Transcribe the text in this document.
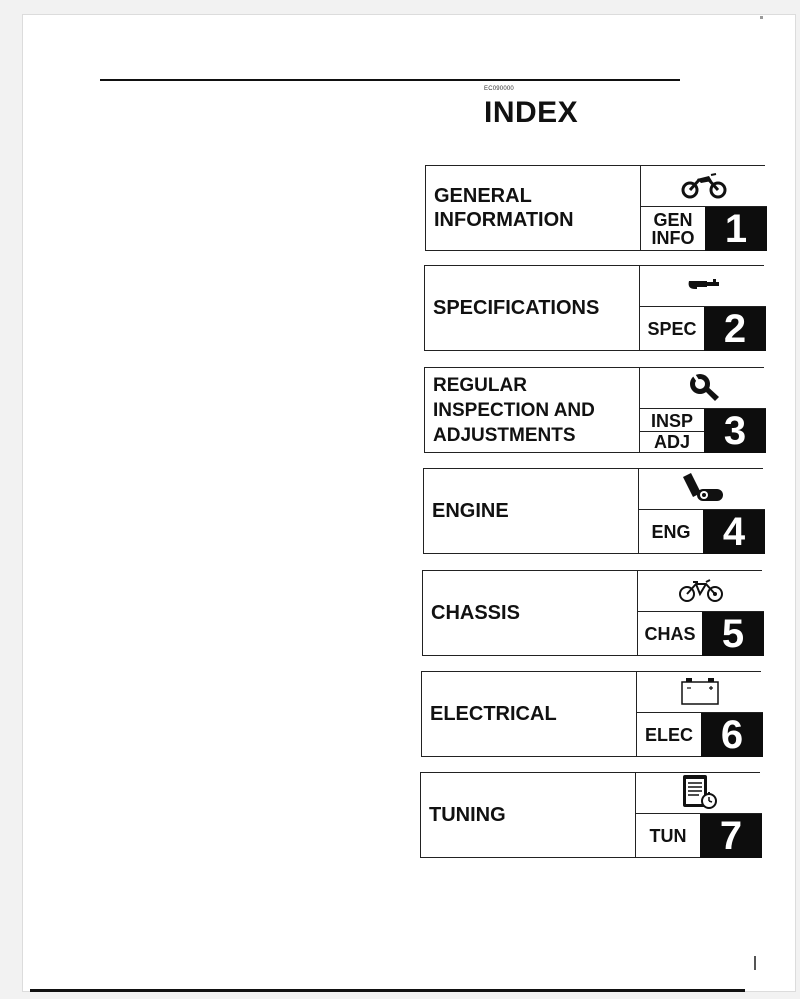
EC090000
INDEX
GENERAL
INFORMATION	GEN
INFO 1
SPECIFICATIONS
SPEC 2
REGULAR
INSPECTION AND
ADJUSTMENTS
INSP
ADJ 3
ENGINE
ENG 4
CHASSIS
CHAS 5
ELECTRICAL
ELEC 6
TUNING
TUN 7
